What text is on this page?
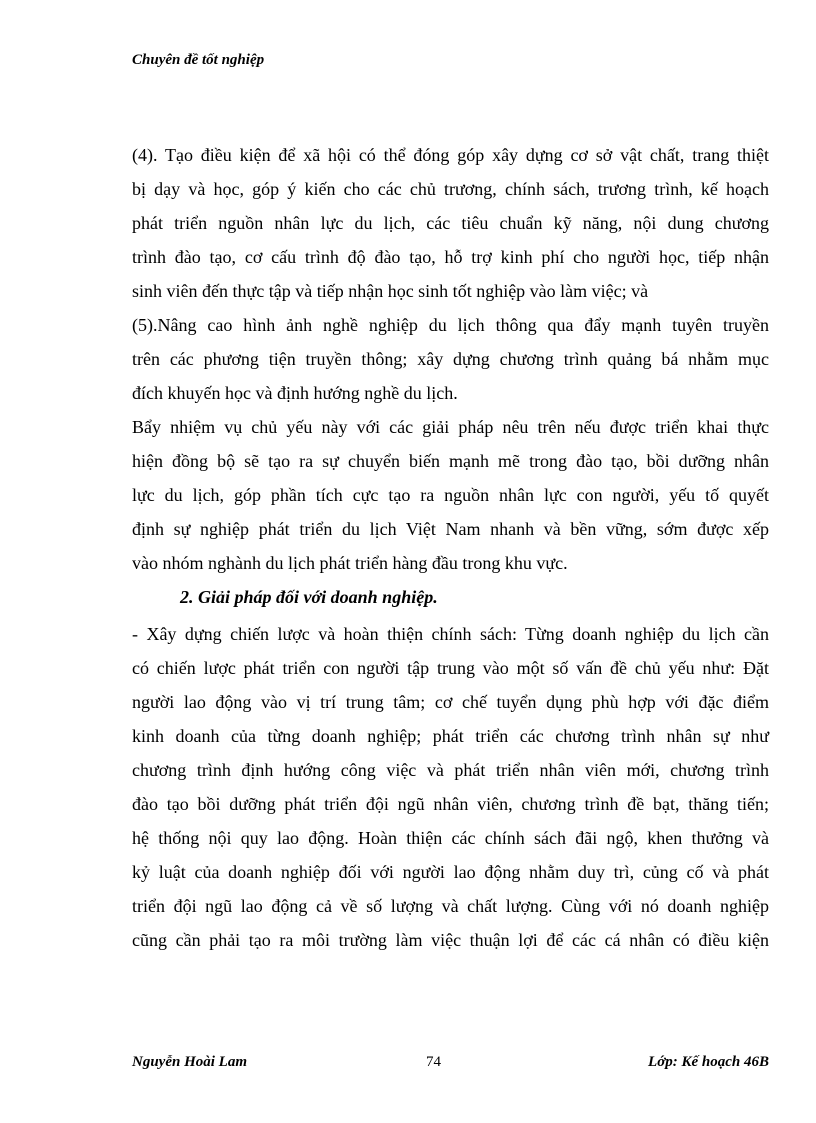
Chuyên đề tốt nghiệp
(4). Tạo điều kiện để xã hội có thể đóng góp xây dựng cơ sở vật chất, trang thiệt
bị dạy và học, góp ý kiến cho các chủ trương, chính sách, trương trình, kế hoạch
phát triển nguồn nhân lực du lịch, các tiêu chuẩn kỹ năng, nội dung chương
trình đào tạo, cơ cấu trình độ đào tạo, hỗ trợ kinh phí cho người học, tiếp nhận
sinh viên đến thực tập và tiếp nhận học sinh tốt nghiệp vào làm việc; và
(5).Nâng cao hình ảnh nghề nghiệp du lịch thông qua đẩy mạnh tuyên truyền
trên các phương tiện truyền thông; xây dựng chương trình quảng bá nhằm mục
đích khuyến học và định hướng nghề du lịch.
Bẩy nhiệm vụ chủ yếu này với các giải pháp nêu trên nếu được triển khai thực
hiện đồng bộ sẽ tạo ra sự chuyển biến mạnh mẽ trong đào tạo, bồi dưỡng nhân
lực du lịch, góp phần tích cực tạo ra nguồn nhân lực con người, yếu tố quyết
định sự nghiệp phát triển du lịch Việt Nam nhanh và bền vững, sớm được xếp
vào nhóm nghành du lịch phát triển hàng đầu trong khu vực.
2. Giải pháp đối với doanh nghiệp.
- Xây dựng chiến lược và hoàn thiện chính sách: Từng doanh nghiệp du lịch cần
có chiến lược phát triển con người tập trung vào một số vấn đề chủ yếu như: Đặt
người lao động vào vị trí trung tâm; cơ chế tuyển dụng phù hợp với đặc điểm
kinh doanh của từng doanh nghiệp; phát triển các chương trình nhân sự như
chương trình định hướng công việc và phát triển nhân viên mới, chương trình
đào tạo bồi dưỡng phát triển đội ngũ nhân viên, chương trình đề bạt, thăng tiến;
hệ thống nội quy lao động. Hoàn thiện các chính sách đãi ngộ, khen thưởng và
kỷ luật của doanh nghiệp đối với người lao động nhằm duy trì, củng cố và phát
triển đội ngũ lao động cả về số lượng và chất lượng. Cùng với nó doanh nghiệp
cũng cần phải tạo ra môi trường làm việc thuận lợi để các cá nhân có điều kiện
Nguyễn Hoài Lam	74	Lớp: Kế hoạch 46B
